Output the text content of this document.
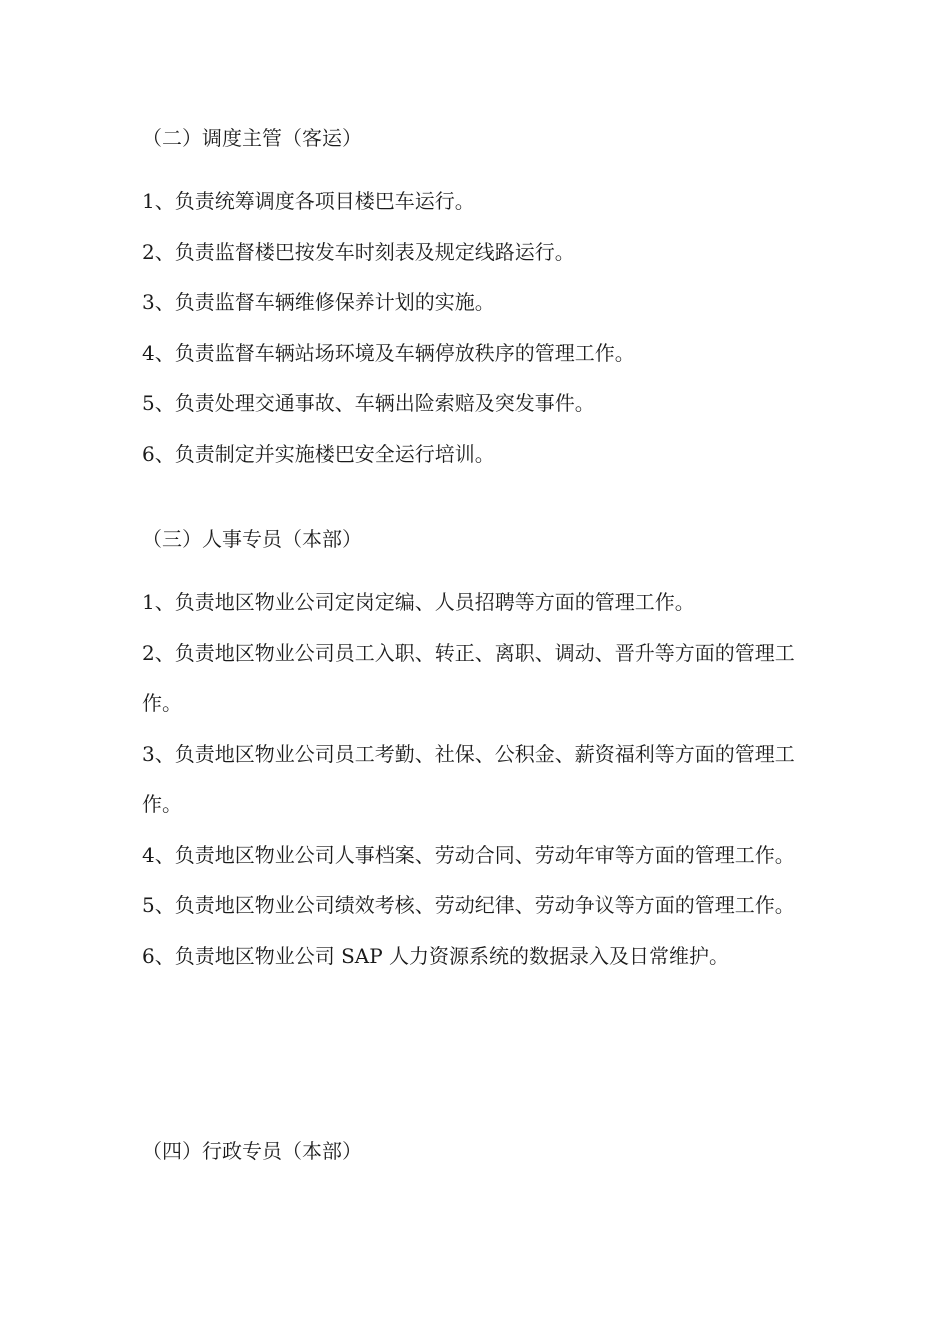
（二）调度主管（客运）

1、负责统筹调度各项目楼巴车运行。

2、负责监督楼巴按发车时刻表及规定线路运行。

3、负责监督车辆维修保养计划的实施。

4、负责监督车辆站场环境及车辆停放秩序的管理工作。

5、负责处理交通事故、车辆出险索赔及突发事件。

6、负责制定并实施楼巴安全运行培训。

（三）人事专员（本部）

1、负责地区物业公司定岗定编、人员招聘等方面的管理工作。

2、负责地区物业公司员工入职、转正、离职、调动、晋升等方面的管理工作。

3、负责地区物业公司员工考勤、社保、公积金、薪资福利等方面的管理工作。

4、负责地区物业公司人事档案、劳动合同、劳动年审等方面的管理工作。

5、负责地区物业公司绩效考核、劳动纪律、劳动争议等方面的管理工作。

6、负责地区物业公司 SAP 人力资源系统的数据录入及日常维护。

（四）行政专员（本部）
